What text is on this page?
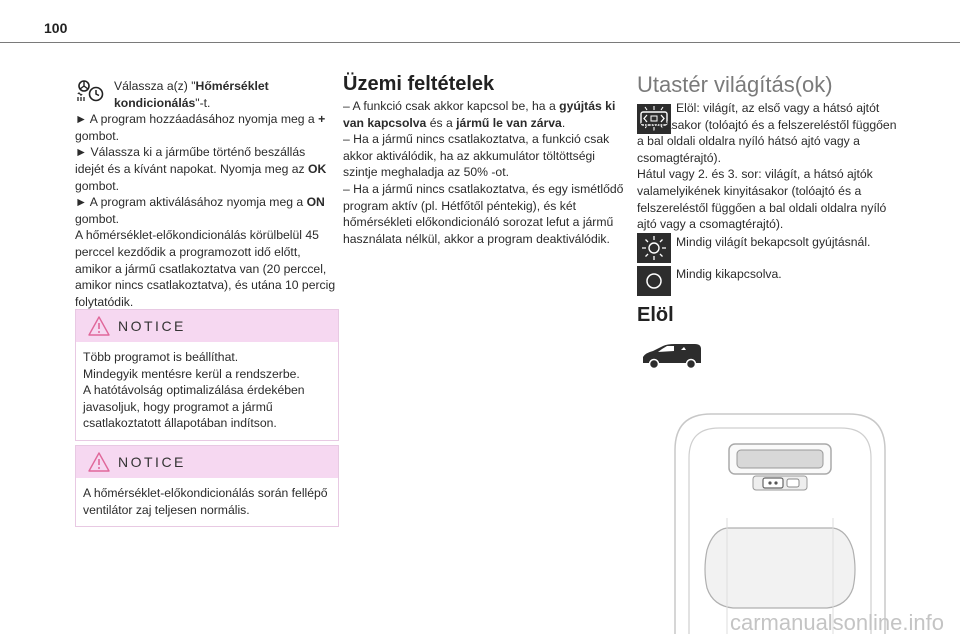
100

Válassza a(z) "Hőmérséklet kondicionálás"-t.

► A program hozzáadásához nyomja meg a + gombot.

► Válassza ki a járműbe történő beszállás idejét és a kívánt napokat. Nyomja meg az OK gombot.

► A program aktiválásához nyomja meg a ON gombot.

A hőmérséklet-előkondicionálás körülbelül 45 perccel kezdődik a programozott idő előtt, amikor a jármű csatlakoztatva van (20 perccel, amikor nincs csatlakoztatva), és utána 10 percig folytatódik.

NOTICE
Több programot is beállíthat.
Mindegyik mentésre kerül a rendszerbe.
A hatótávolság optimalizálása érdekében javasoljuk, hogy programot a jármű csatlakoztatott állapotában indítson.
NOTICE
A hőmérséklet-előkondicionálás során fellépő ventilátor zaj teljesen normális.
Üzemi feltételek

– A funkció csak akkor kapcsol be, ha a gyújtás ki van kapcsolva és a jármű le van zárva.

– Ha a jármű nincs csatlakoztatva, a funkció csak akkor aktiválódik, ha az akkumulátor töltöttségi szintje meghaladja az 50% -ot.

– Ha a jármű nincs csatlakoztatva, és egy ismétlődő program aktív (pl. Hétfőtől péntekig), és két hőmérsékleti előkondicionáló sorozat lefut a jármű használata nélkül, akkor a program deaktiválódik.

Utastér világítás(ok)

Elöl: világít, az első vagy a hátsó ajtót kinyitásakor (tolóajtó és a felszereléstől függően a bal oldali oldalra nyíló hátsó ajtó vagy a csomagtérajtó).

Hátul vagy 2. és 3. sor: világít, a hátsó ajtók valamelyikének kinyitásakor (tolóajtó és a felszereléstől függően a bal oldali oldalra nyíló ajtó vagy a csomagtérajtó).

Mindig világít bekapcsolt gyújtásnál.
Mindig kikapcsolva.
Elöl
carmanualsonline.info
